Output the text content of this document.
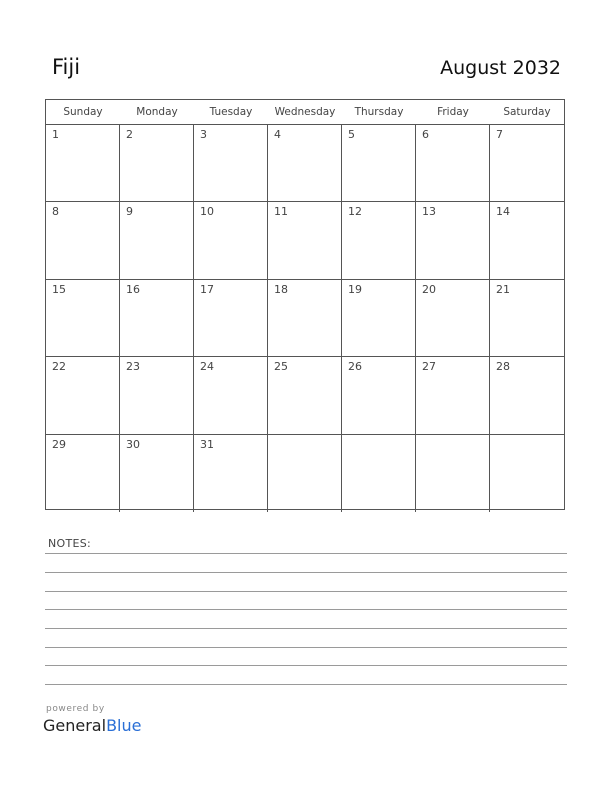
Fiji	August 2032
Sunday	Monday	Tuesday	Wednesday	Thursday	Friday	Saturday
1	2	3	4	5	6	7
8	9	10	11	12	13	14
15	16	17	18	19	20	21
22	23	24	25	26	27	28
29	30	31
NOTES:
powered by
GeneralBlue
